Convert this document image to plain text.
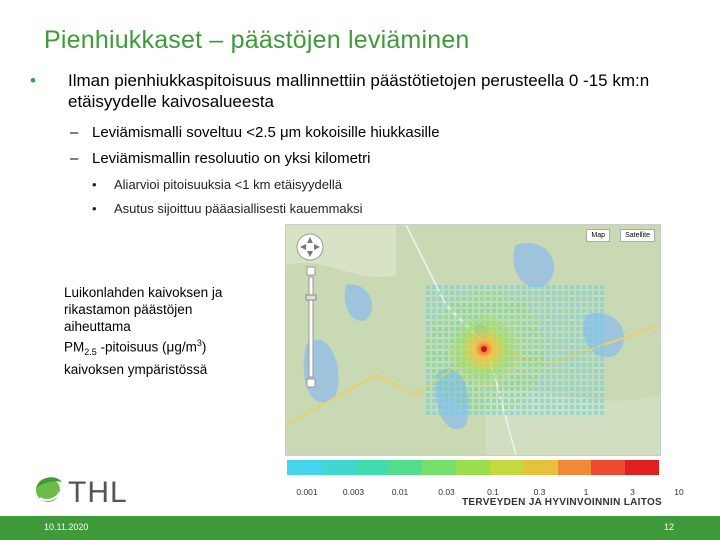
Pienhiukkaset – päästöjen leviäminen
• Ilman pienhiukkaspitoisuus mallinnettiin päästötietojen perusteella 0 -15 km:n etäisyydelle kaivosalueesta
– Leviämismalli soveltuu <2.5 μm kokoisille hiukkasille
– Leviämismallin resoluutio on yksi kilometri
• Aliarvioi pitoisuuksia <1 km etäisyydellä
• Asutus sijoittuu pääasiallisesti kauemmaksi
Luikonlahden kaivoksen ja
rikastamon päästöjen
aiheuttama
$PM_{2.5}$ -pitoisuus $(\mu g/m^3)$
kaivoksen ympäristössä
Map	Satellite
0.001	0.003	0.01	0.03	0.1	0.3	1	3	10
THL	TERVEYDEN JA HYVINVOINNIN LAITOS
10.11.2020	12
